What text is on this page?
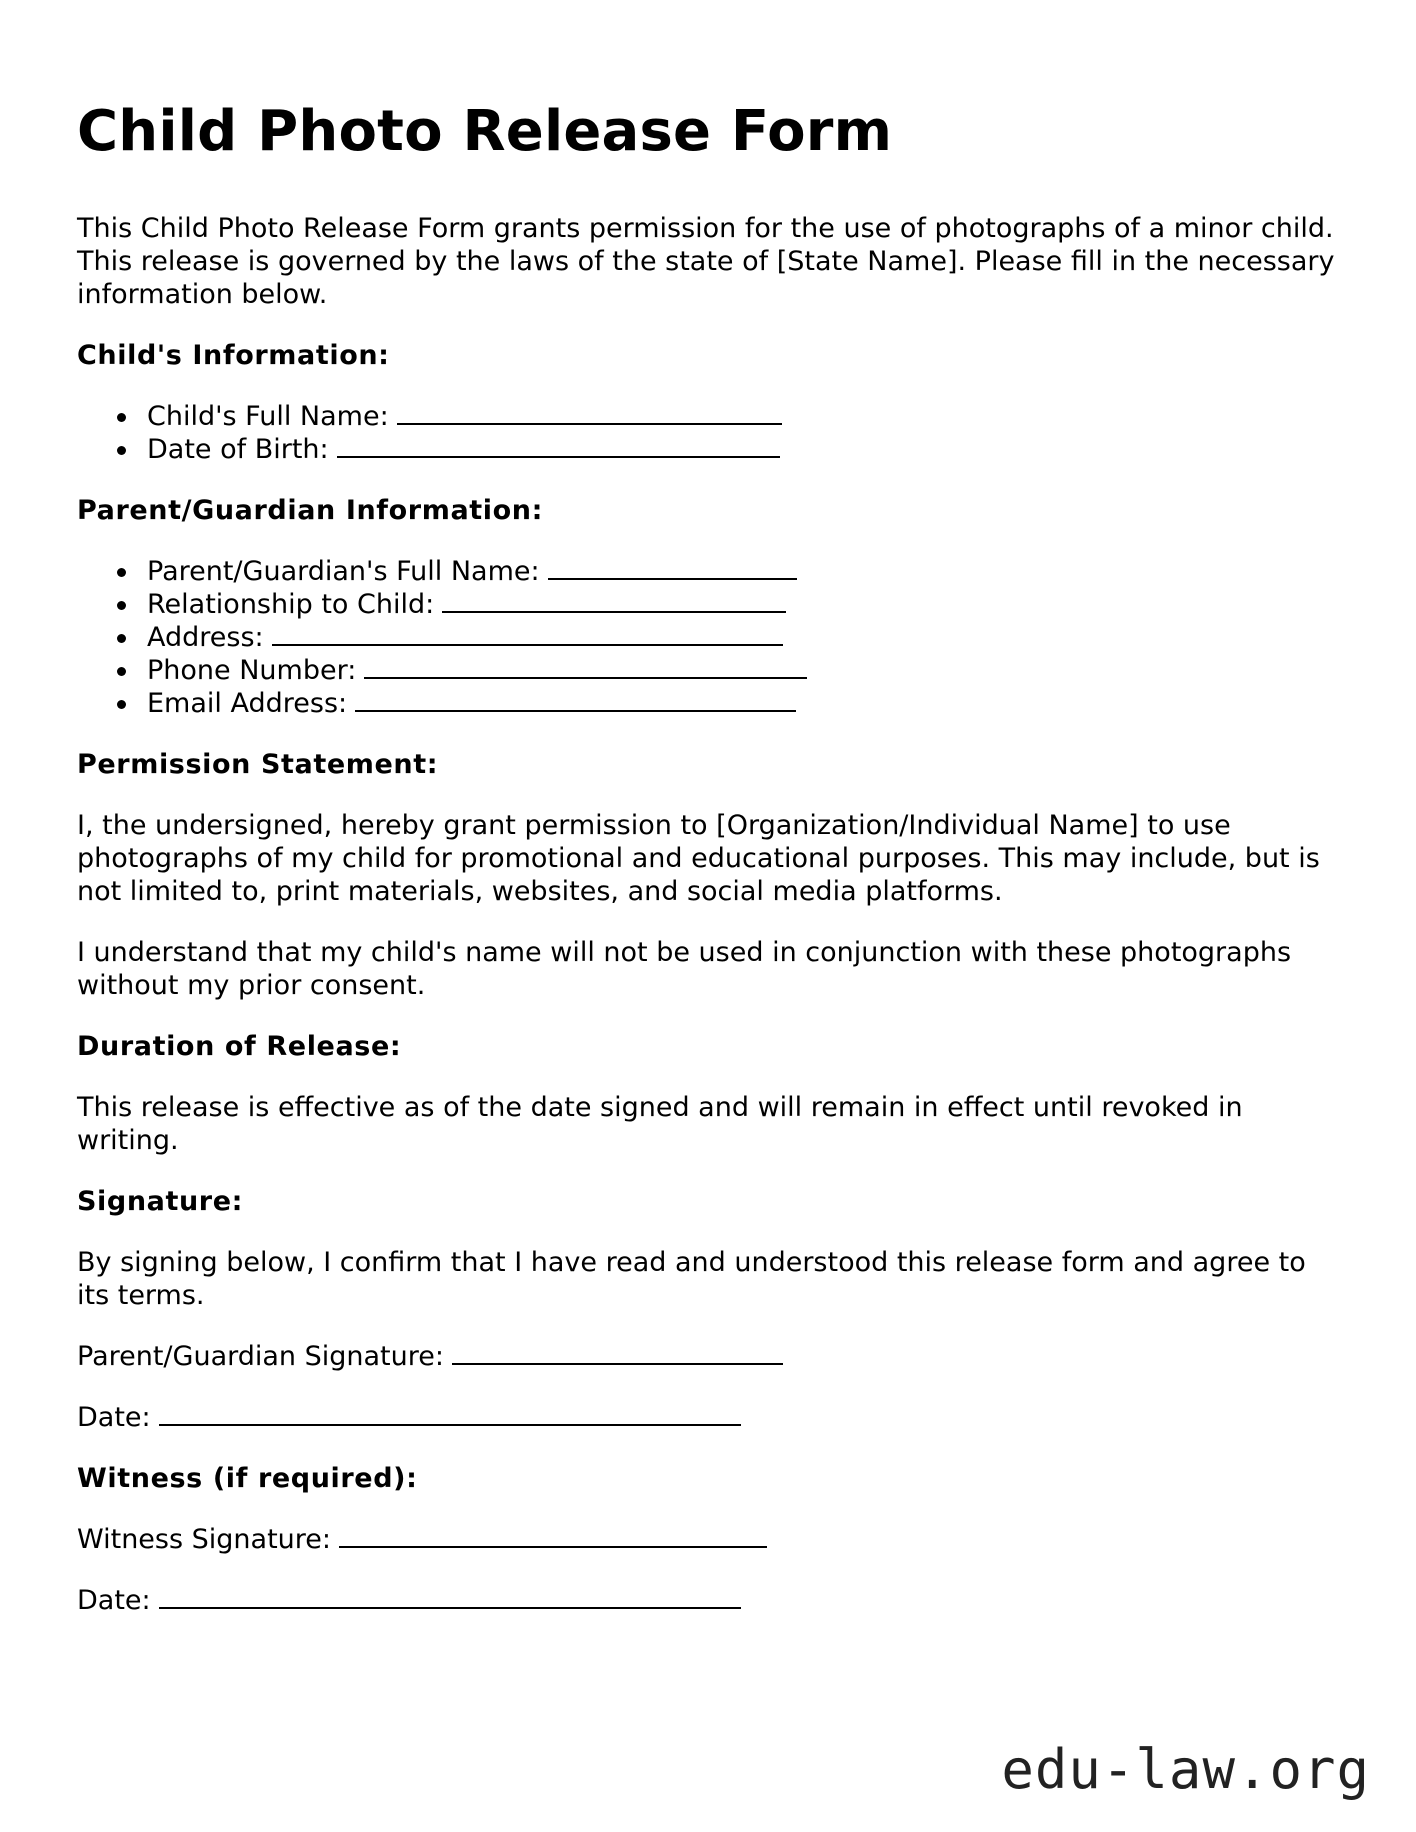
Child Photo Release Form

This Child Photo Release Form grants permission for the use of photographs of a minor child. This release is governed by the laws of the state of [State Name]. Please fill in the necessary information below.

Child's Information:
Child's Full Name:
Date of Birth:
Parent/Guardian Information:
Parent/Guardian's Full Name:
Relationship to Child:
Address:
Phone Number:
Email Address:
Permission Statement:

I, the undersigned, hereby grant permission to [Organization/Individual Name] to use photographs of my child for promotional and educational purposes. This may include, but is not limited to, print materials, websites, and social media platforms.

I understand that my child's name will not be used in conjunction with these photographs without my prior consent.

Duration of Release:

This release is effective as of the date signed and will remain in effect until revoked in writing.

Signature:

By signing below, I confirm that I have read and understood this release form and agree to its terms.

Parent/Guardian Signature:
Date:
Witness (if required):
Witness Signature:
Date:
edu-law.org
